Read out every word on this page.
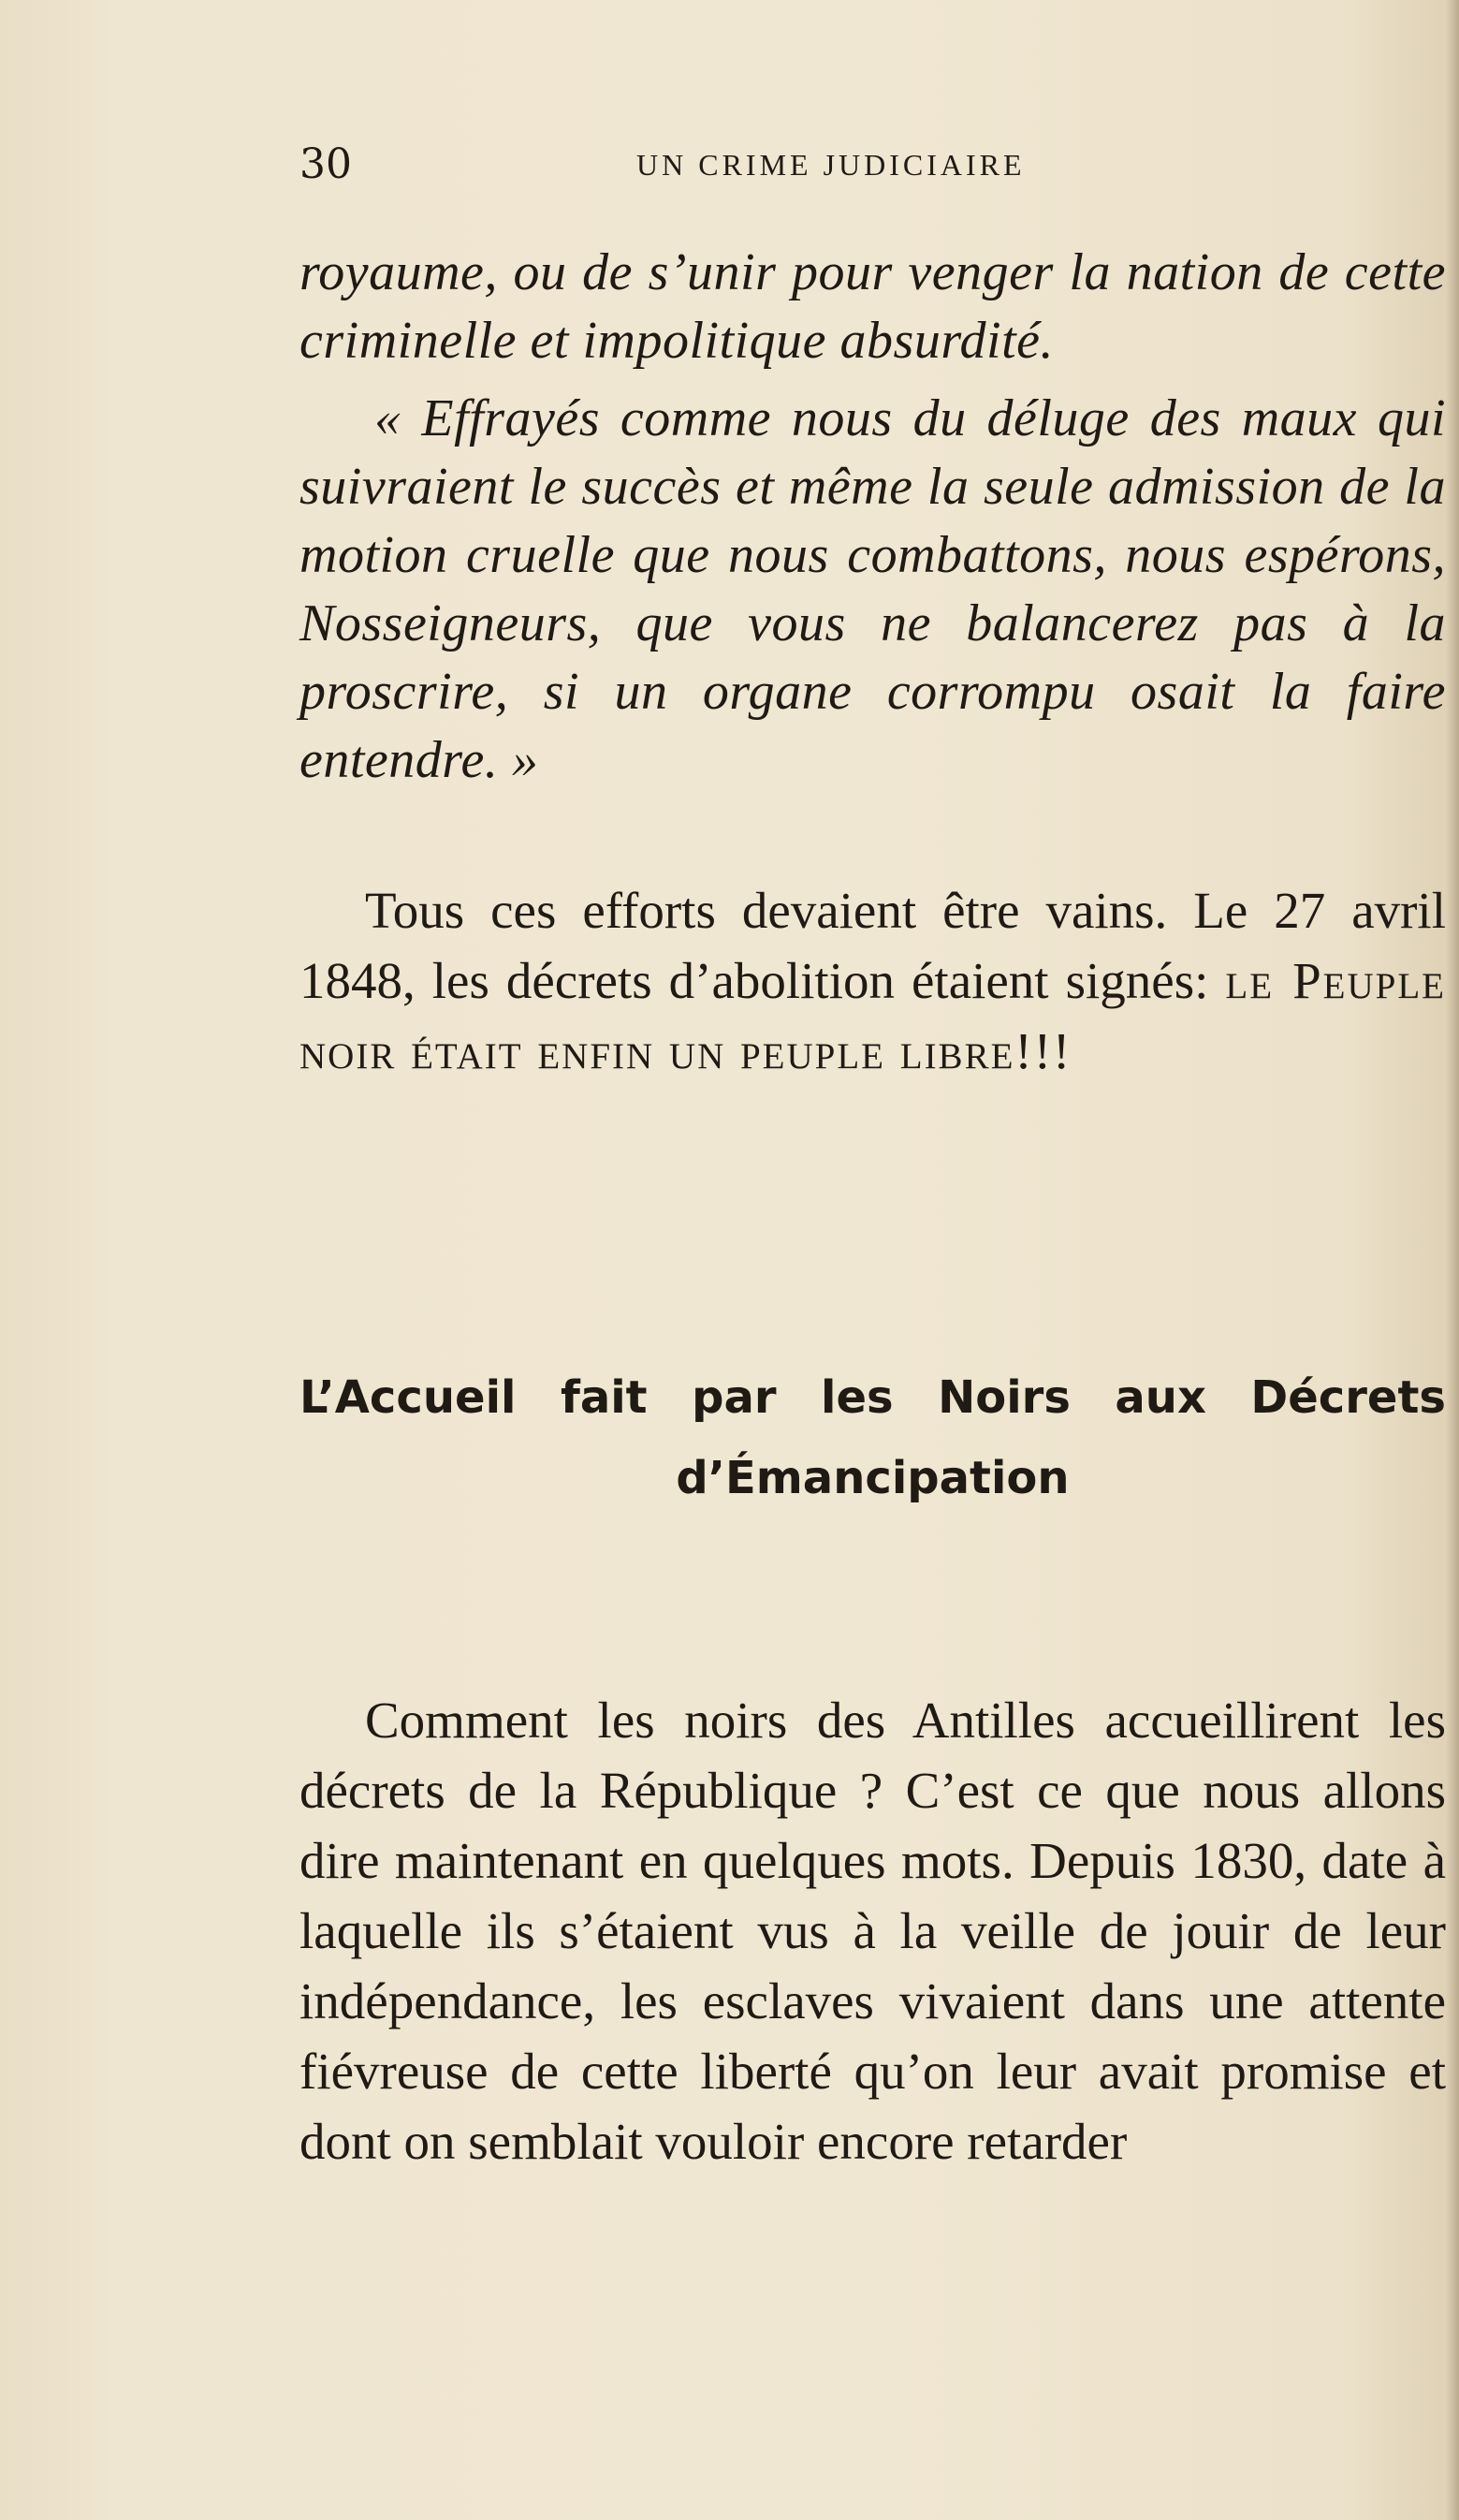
30	UN CRIME JUDICIAIRE

royaume, ou de s’unir pour venger la nation de cette criminelle et impolitique absurdité.

« Effrayés comme nous du déluge des maux qui suivraient le succès et même la seule admission de la motion cruelle que nous combattons, nous espérons, Nosseigneurs, que vous ne balancerez pas à la proscrire, si un organe corrompu osait la faire entendre. »

Tous ces efforts devaient être vains. Le 27 avril 1848, les décrets d’abolition étaient signés: le Peuple noir était enfin un peuple libre!!!

L’Accueil fait par les Noirs aux Décrets
d’Émancipation

Comment les noirs des Antilles accueillirent les décrets de la République ? C’est ce que nous allons dire maintenant en quelques mots. Depuis 1830, date à laquelle ils s’étaient vus à la veille de jouir de leur indépendance, les esclaves vivaient dans une attente fiévreuse de cette liberté qu’on leur avait promise et dont on semblait vouloir encore retarder
